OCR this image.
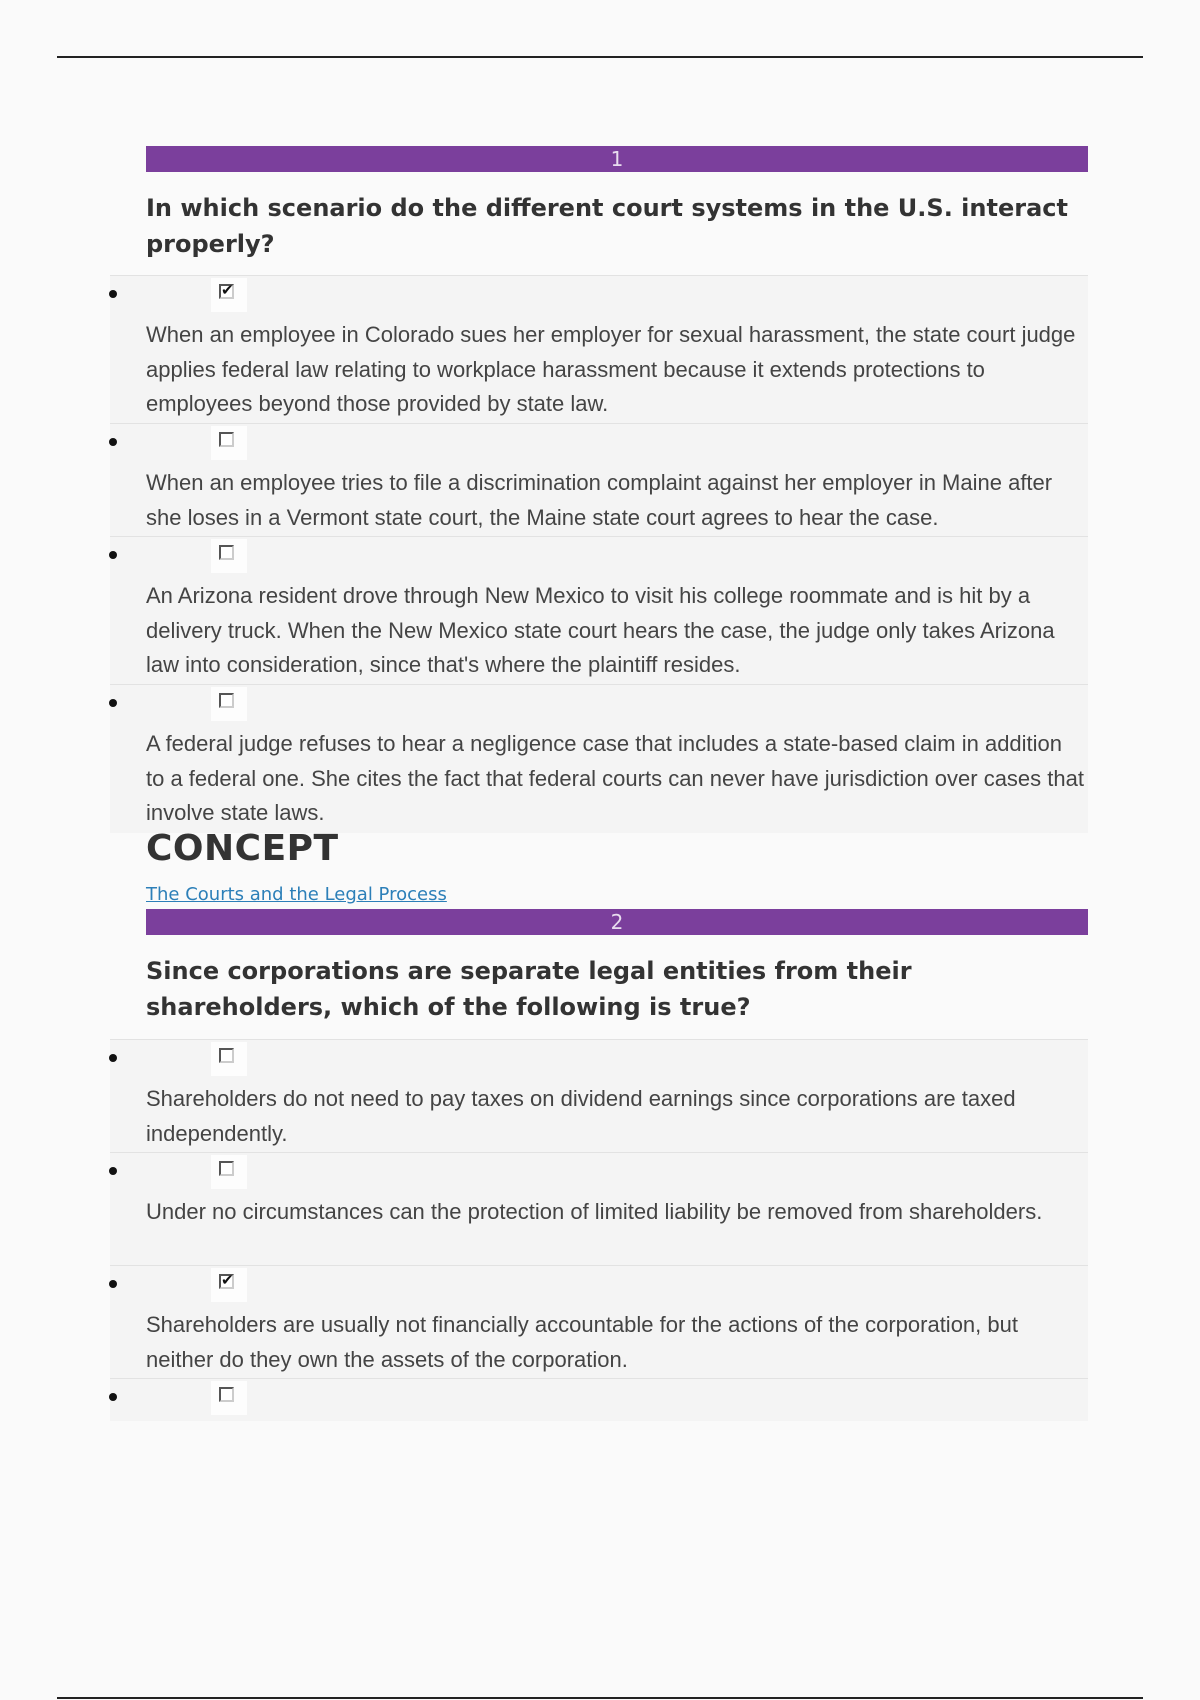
1
In which scenario do the different court systems in the U.S. interact properly?
✔
When an employee in Colorado sues her employer for sexual harassment, the state court judge applies federal law relating to workplace harassment because it extends protections to employees beyond those provided by state law.
When an employee tries to file a discrimination complaint against her employer in Maine after she loses in a Vermont state court, the Maine state court agrees to hear the case.
An Arizona resident drove through New Mexico to visit his college roommate and is hit by a delivery truck. When the New Mexico state court hears the case, the judge only takes Arizona law into consideration, since that's where the plaintiff resides.
A federal judge refuses to hear a negligence case that includes a state-based claim in addition to a federal one. She cites the fact that federal courts can never have jurisdiction over cases that involve state laws.
CONCEPT
The Courts and the Legal Process
2
Since corporations are separate legal entities from their shareholders, which of the following is true?
Shareholders do not need to pay taxes on dividend earnings since corporations are taxed independently.
Under no circumstances can the protection of limited liability be removed from shareholders.
✔
Shareholders are usually not financially accountable for the actions of the corporation, but neither do they own the assets of the corporation.
